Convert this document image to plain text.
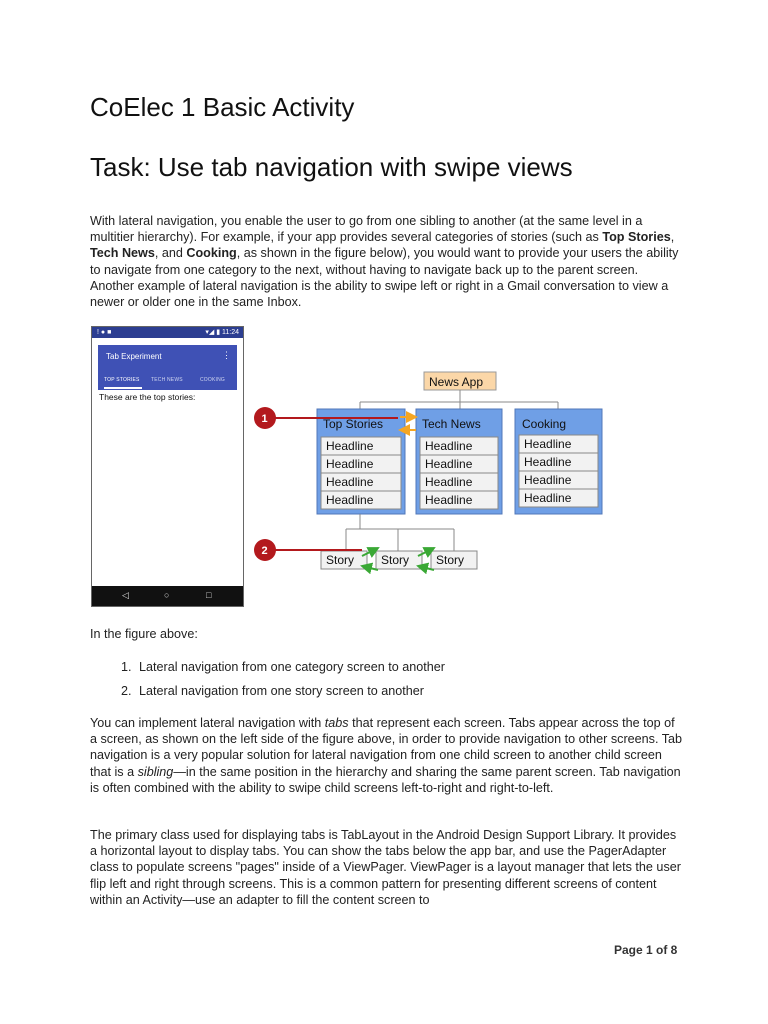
CoElec 1 Basic Activity
Task: Use tab navigation with swipe views

With lateral navigation, you enable the user to go from one sibling to another (at the same level in a multitier hierarchy). For example, if your app provides several categories of stories (such as Top Stories, Tech News, and Cooking, as shown in the figure below), you would want to provide your users the ability to navigate from one category to the next, without having to navigate back up to the parent screen. Another example of lateral navigation is the ability to swipe left or right in a Gmail conversation to view a newer or older one in the same Inbox.

! ● ■	▾◢ ▮ 11:24
Tab Experiment	⋮
TOP STORIES TECH NEWS	COOKING
These are the top stories:
◁	○	□
News App
Top Stories	Tech News	Cooking
Headline
Headline
Headline
Headline
Headline
Headline
Headline
Headline
Headline
Headline
Headline
Headline
Story Story Story
1
2

In the figure above:

1. Lateral navigation from one category screen to another
2. Lateral navigation from one story screen to another

You can implement lateral navigation with tabs that represent each screen. Tabs appear across the top of a screen, as shown on the left side of the figure above, in order to provide navigation to other screens. Tab navigation is a very popular solution for lateral navigation from one child screen to another child screen that is a sibling—in the same position in the hierarchy and sharing the same parent screen. Tab navigation is often combined with the ability to swipe child screens left-to-right and right-to-left.

The primary class used for displaying tabs is TabLayout in the Android Design Support Library. It provides a horizontal layout to display tabs. You can show the tabs below the app bar, and use the PagerAdapter class to populate screens "pages" inside of a ViewPager. ViewPager is a layout manager that lets the user flip left and right through screens. This is a common pattern for presenting different screens of content within an Activity—use an adapter to fill the content screen to

Page 1 of 8
